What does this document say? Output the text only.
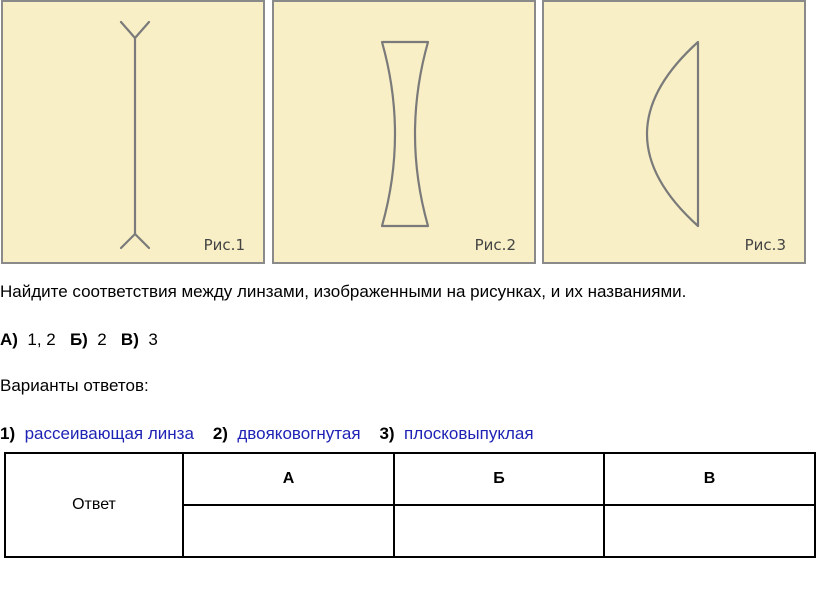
Рис.1	Рис.2	Рис.3
Найдите соответствия между линзами, изображенными на рисунках, и их названиями.
А) 1, 2 Б) 2 В) 3
Варианты ответов:
1) рассеивающая линза 2) двояковогнутая 3) плосковыпуклая
Ответ	А	Б	В
